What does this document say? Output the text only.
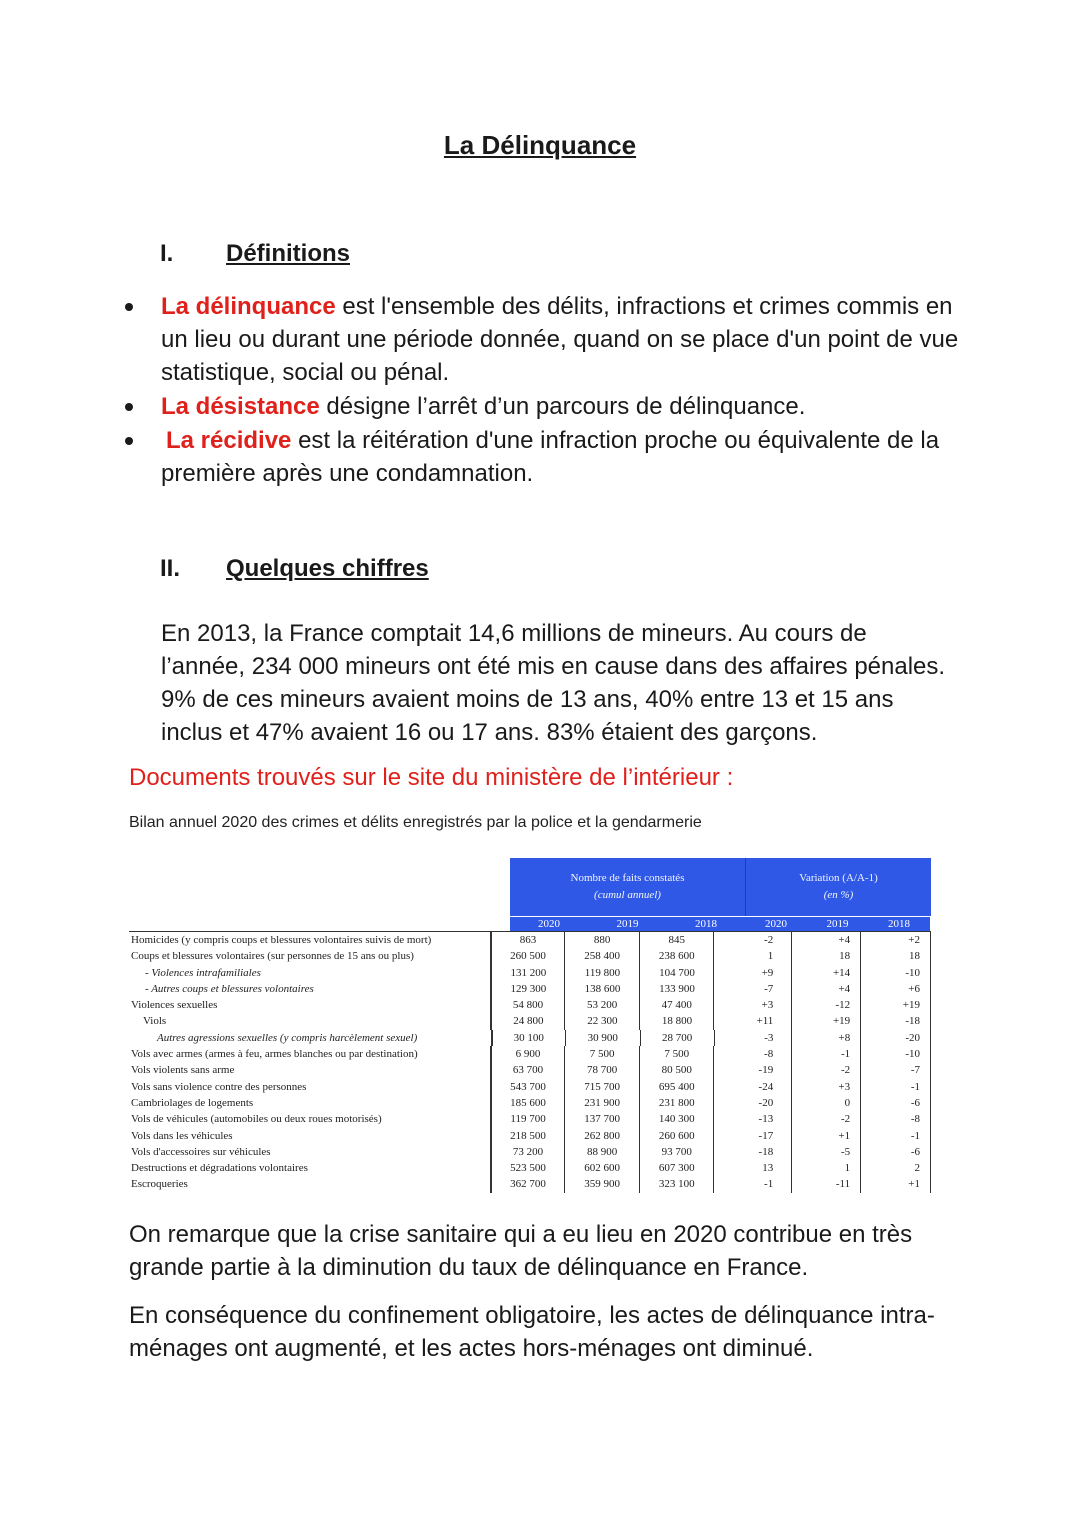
La Délinquance
I.	Définitions
La délinquance est l'ensemble des délits, infractions et crimes commis en un lieu ou durant une période donnée, quand on se place d'un point de vue statistique, social ou pénal.
La désistance désigne l’arrêt d’un parcours de délinquance.
La récidive est la réitération d'une infraction proche ou équivalente de la première après une condamnation.
II.	Quelques chiffres
En 2013, la France comptait 14,6 millions de mineurs. Au cours de l’année, 234 000 mineurs ont été mis en cause dans des affaires pénales. 9% de ces mineurs avaient moins de 13 ans, 40% entre 13 et 15 ans inclus et 47% avaient 16 ou 17 ans. 83% étaient des garçons.
Documents trouvés sur le site du ministère de l’intérieur :
Bilan annuel 2020 des crimes et délits enregistrés par la police et la gendarmerie
Nombre de faits constatés
(cumul annuel)
Variation (A/A-1)
(en %)
2020	2019	2018	2020	2019	2018
Homicides (y compris coups et blessures volontaires suivis de mort)	863	880	845	-2	+4	+2
Coups et blessures volontaires (sur personnes de 15 ans ou plus)	260 500	258 400	238 600	1	18	18
- Violences intrafamiliales	131 200	119 800	104 700	+9	+14	-10
- Autres coups et blessures volontaires	129 300	138 600	133 900	-7	+4	+6
Violences sexuelles	54 800	53 200	47 400	+3	-12	+19
Viols	24 800	22 300	18 800	+11	+19	-18
Autres agressions sexuelles (y compris harcèlement sexuel)	30 100	30 900	28 700	-3	+8	-20
Vols avec armes (armes à feu, armes blanches ou par destination)	6 900	7 500	7 500	-8	-1	-10
Vols violents sans arme	63 700	78 700	80 500	-19	-2	-7
Vols sans violence contre des personnes	543 700	715 700	695 400	-24	+3	-1
Cambriolages de logements	185 600	231 900	231 800	-20	0	-6
Vols de véhicules (automobiles ou deux roues motorisés)	119 700	137 700	140 300	-13	-2	-8
Vols dans les véhicules	218 500	262 800	260 600	-17	+1	-1
Vols d'accessoires sur véhicules	73 200	88 900	93 700	-18	-5	-6
Destructions et dégradations volontaires	523 500	602 600	607 300	13	1	2
Escroqueries	362 700	359 900	323 100	-1	-11	+1
On remarque que la crise sanitaire qui a eu lieu en 2020 contribue en très grande partie à la diminution du taux de délinquance en France.
En conséquence du confinement obligatoire, les actes de délinquance intra-ménages ont augmenté, et les actes hors-ménages ont diminué.
